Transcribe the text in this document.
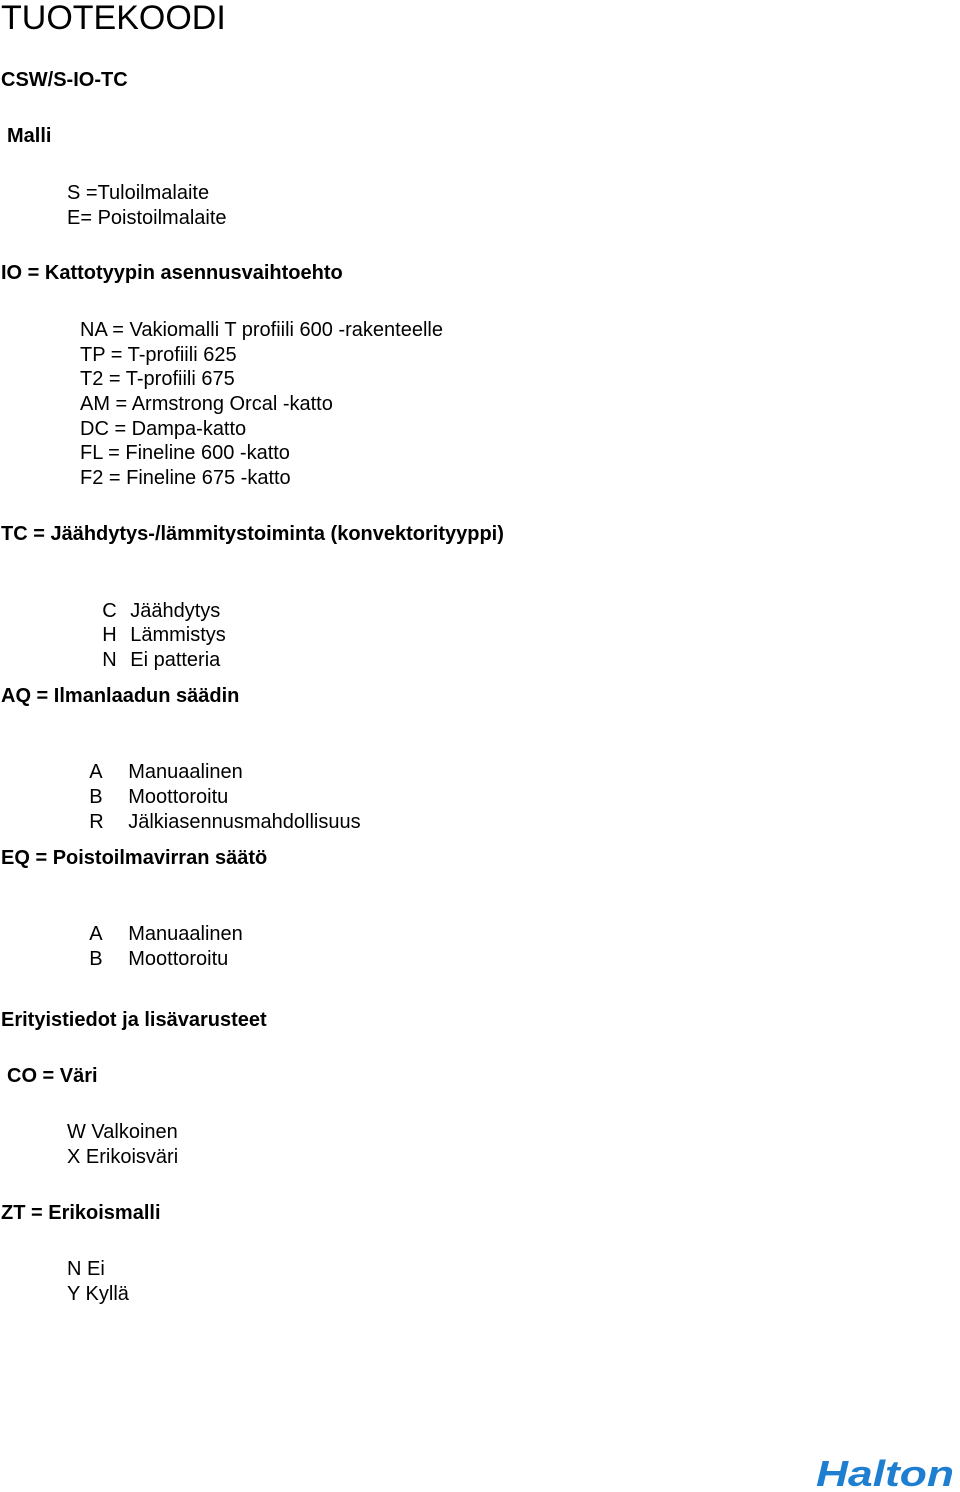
TUOTEKOODI
CSW/S-IO-TC
Malli
S =Tuloilmalaite
E= Poistoilmalaite
IO = Kattotyypin asennusvaihtoehto
NA = Vakiomalli T profiili 600 -rakenteelle
TP = T-profiili 625
T2 = T-profiili 675
AM = Armstrong Orcal -katto
DC = Dampa-katto
FL = Fineline 600 -katto
F2 = Fineline 675 -katto
TC = Jäähdytys-/lämmitystoiminta (konvektorityyppi)

C Jäähdytys

H Lämmistys

N Ei patteria

AQ = Ilmanlaadun säädin

A Manuaalinen

B Moottoroitu

R Jälkiasennusmahdollisuus

EQ = Poistoilmavirran säätö

A Manuaalinen

B Moottoroitu

Erityistiedot ja lisävarusteet
CO = Väri
W Valkoinen
X Erikoisväri
ZT = Erikoismalli
N Ei
Y Kyllä
Halton
